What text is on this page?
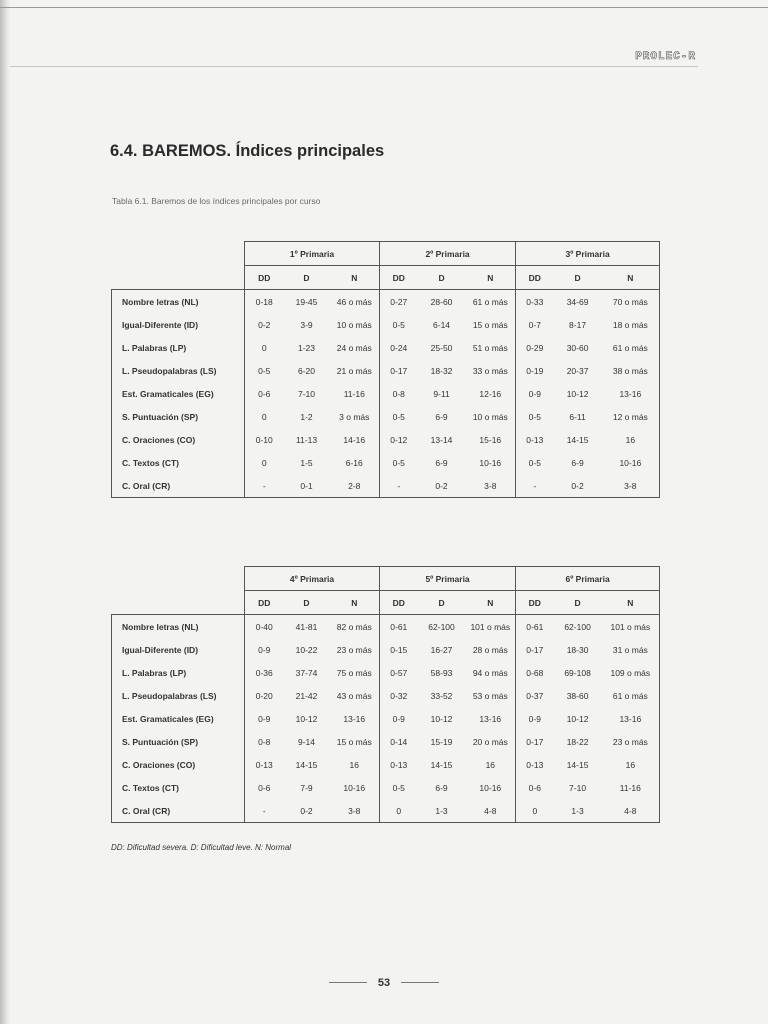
PROLEC-R
6.4. BAREMOS. Índices principales
Tabla 6.1. Baremos de los índices principales por curso
	1º Primaria			2º Primaria			3º Primaria		
	DD	D	N	DD	D	N	DD	D	N
Nombre letras (NL)	0-18	19-45	46 o más	0-27	28-60	61 o más	0-33	34-69	70 o más
Igual-Diferente (ID)	0-2	3-9	10 o más	0-5	6-14	15 o más	0-7	8-17	18 o más
L. Palabras (LP)	0	1-23	24 o más	0-24	25-50	51 o más	0-29	30-60	61 o más
L. Pseudopalabras (LS)	0-5	6-20	21 o más	0-17	18-32	33 o más	0-19	20-37	38 o más
Est. Gramaticales (EG)	0-6	7-10	11-16	0-8	9-11	12-16	0-9	10-12	13-16
S. Puntuación (SP)	0	1-2	3 o más	0-5	6-9	10 o más	0-5	6-11	12 o más
C. Oraciones (CO)	0-10	11-13	14-16	0-12	13-14	15-16	0-13	14-15	16
C. Textos (CT)	0	1-5	6-16	0-5	6-9	10-16	0-5	6-9	10-16
C. Oral (CR)	-	0-1	2-8	-	0-2	3-8	-	0-2	3-8
	4º Primaria			5º Primaria			6º Primaria		
	DD	D	N	DD	D	N	DD	D	N
Nombre letras (NL)	0-40	41-81	82 o más	0-61	62-100	101 o más	0-61	62-100	101 o más
Igual-Diferente (ID)	0-9	10-22	23 o más	0-15	16-27	28 o más	0-17	18-30	31 o más
L. Palabras (LP)	0-36	37-74	75 o más	0-57	58-93	94 o más	0-68	69-108	109 o más
L. Pseudopalabras (LS)	0-20	21-42	43 o más	0-32	33-52	53 o más	0-37	38-60	61 o más
Est. Gramaticales (EG)	0-9	10-12	13-16	0-9	10-12	13-16	0-9	10-12	13-16
S. Puntuación (SP)	0-8	9-14	15 o más	0-14	15-19	20 o más	0-17	18-22	23 o más
C. Oraciones (CO)	0-13	14-15	16	0-13	14-15	16	0-13	14-15	16
C. Textos (CT)	0-6	7-9	10-16	0-5	6-9	10-16	0-6	7-10	11-16
C. Oral (CR)	-	0-2	3-8	0	1-3	4-8	0	1-3	4-8
DD: Dificultad severa. D: Dificultad leve. N: Normal
53
